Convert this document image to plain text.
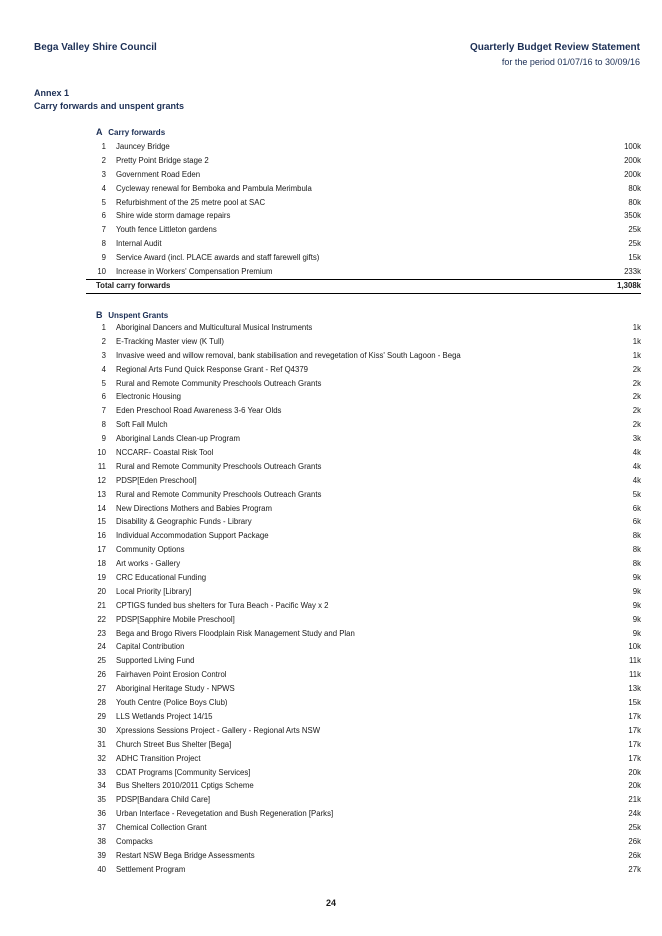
Bega Valley Shire Council	Quarterly Budget Review Statement
for the period 01/07/16 to 30/09/16
Annex 1
Carry forwards and unspent grants
A Carry forwards
1 Jauncey Bridge	100k
2 Pretty Point Bridge stage 2	200k
3 Government Road Eden	200k
4 Cycleway renewal for Bemboka and Pambula Merimbula	80k
5 Refurbishment of the 25 metre pool at SAC	80k
6 Shire wide storm damage repairs	350k
7 Youth fence Littleton gardens	25k
8 Internal Audit	25k
9 Service Award (incl. PLACE awards and staff farewell gifts)	15k
10 Increase in Workers' Compensation Premium	233k
Total carry forwards	1,308k
B Unspent Grants
1 Aboriginal Dancers and Multicultural Musical Instruments	1k
2 E-Tracking Master view (K Tull)	1k
3 Invasive weed and willow removal, bank stabilisation and revegetation of Kiss' South Lagoon - Bega	1k
4 Regional Arts Fund Quick Response Grant - Ref Q4379	2k
5 Rural and Remote Community Preschools Outreach Grants	2k
6 Electronic Housing	2k
7 Eden Preschool Road Awareness 3-6 Year Olds	2k
8 Soft Fall Mulch	2k
9 Aboriginal Lands Clean-up Program	3k
10 NCCARF- Coastal Risk Tool	4k
11 Rural and Remote Community Preschools Outreach Grants	4k
12 PDSP[Eden Preschool]	4k
13 Rural and Remote Community Preschools Outreach Grants	5k
14 New Directions Mothers and Babies Program	6k
15 Disability & Geographic Funds - Library	6k
16 Individual Accommodation Support Package	8k
17 Community Options	8k
18 Art works - Gallery	8k
19 CRC Educational Funding	9k
20 Local Priority [Library]	9k
21 CPTIGS funded bus shelters for Tura Beach - Pacific Way x 2	9k
22 PDSP[Sapphire Mobile Preschool]	9k
23 Bega and Brogo Rivers Floodplain Risk Management Study and Plan	9k
24 Capital Contribution	10k
25 Supported Living Fund	11k
26 Fairhaven Point Erosion Control	11k
27 Aboriginal Heritage Study - NPWS	13k
28 Youth Centre (Police Boys Club)	15k
29 LLS Wetlands Project 14/15	17k
30 Xpressions Sessions Project - Gallery - Regional Arts NSW	17k
31 Church Street Bus Shelter [Bega]	17k
32 ADHC Transition Project	17k
33 CDAT Programs [Community Services]	20k
34 Bus Shelters 2010/2011 Cptigs Scheme	20k
35 PDSP[Bandara Child Care]	21k
36 Urban Interface - Revegetation and Bush Regeneration [Parks]	24k
37 Chemical Collection Grant	25k
38 Compacks	26k
39 Restart NSW Bega Bridge Assessments	26k
40 Settlement Program	27k
24
